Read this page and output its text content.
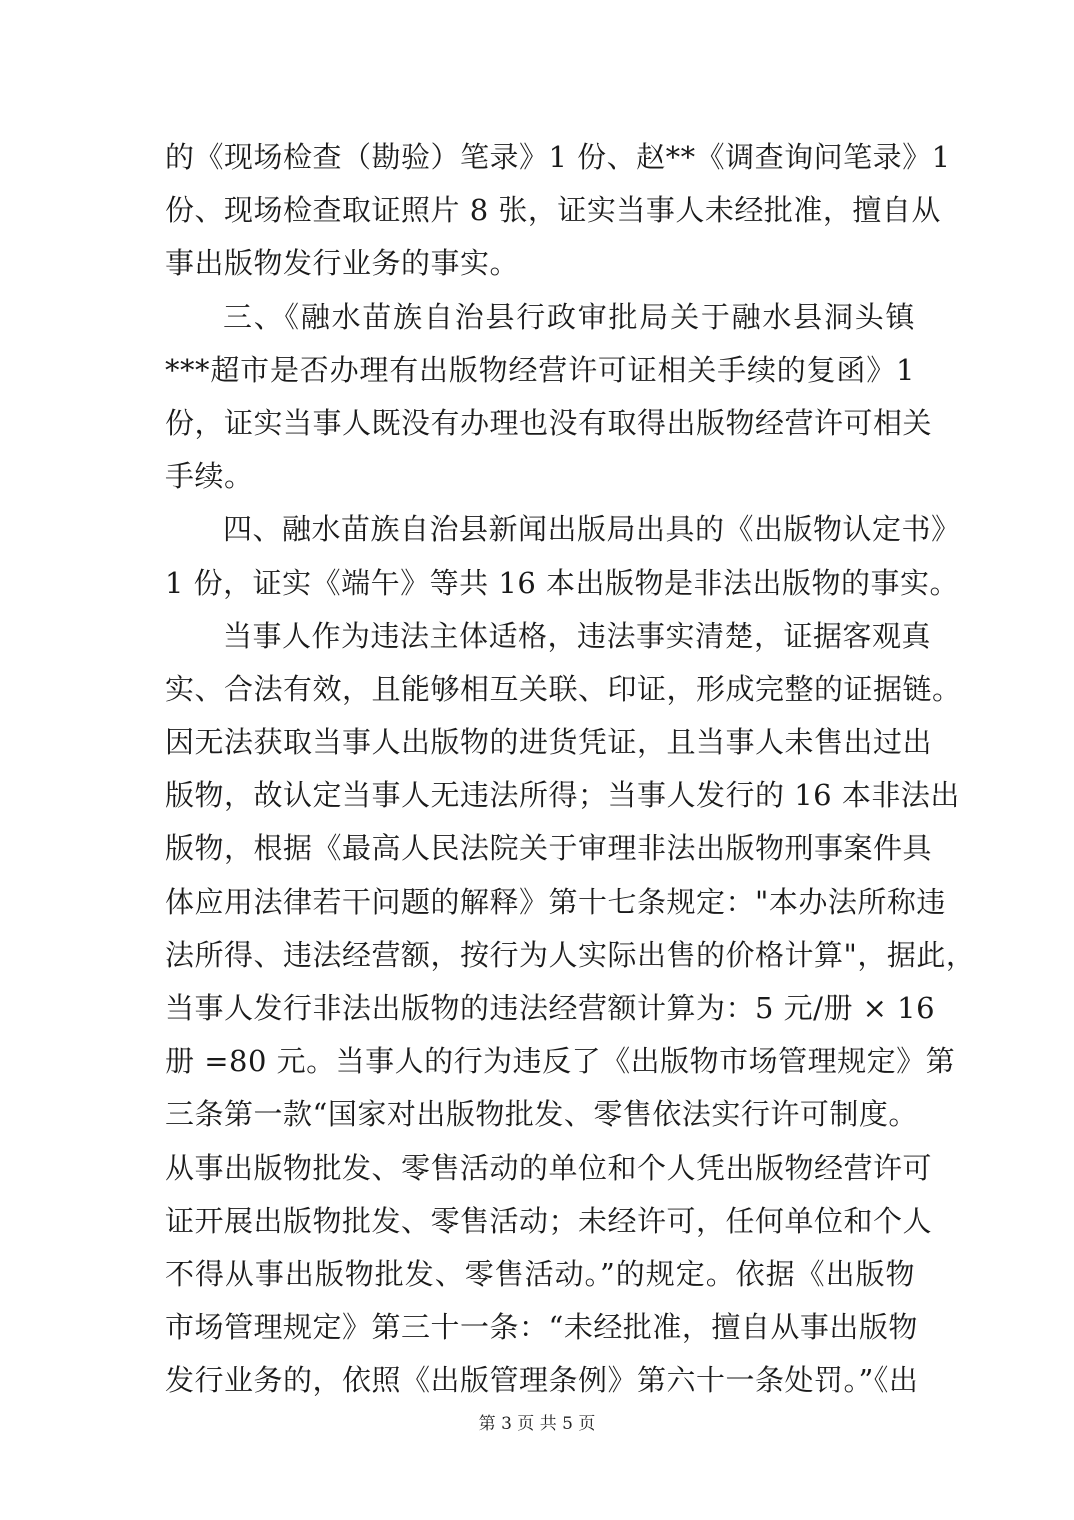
的《现场检查（勘验）笔录》1 份、赵**《调查询问笔录》1
份、现场检查取证照片 8 张，证实当事人未经批准，擅自从
事出版物发行业务的事实。
三、《融水苗族自治县行政审批局关于融水县洞头镇
***超市是否办理有出版物经营许可证相关手续的复函》1
份，证实当事人既没有办理也没有取得出版物经营许可相关
手续。
四、融水苗族自治县新闻出版局出具的《出版物认定书》
1 份，证实《端午》等共 16 本出版物是非法出版物的事实。
当事人作为违法主体适格，违法事实清楚，证据客观真
实、合法有效，且能够相互关联、印证，形成完整的证据链。
因无法获取当事人出版物的进货凭证，且当事人未售出过出
版物，故认定当事人无违法所得；当事人发行的 16 本非法出
版物，根据《最高人民法院关于审理非法出版物刑事案件具
体应用法律若干问题的解释》第十七条规定："本办法所称违
法所得、违法经营额，按行为人实际出售的价格计算"，据此，
当事人发行非法出版物的违法经营额计算为：5 元/册 × 16
册 =80 元。当事人的行为违反了《出版物市场管理规定》第
三条第一款“国家对出版物批发、零售依法实行许可制度。
从事出版物批发、零售活动的单位和个人凭出版物经营许可
证开展出版物批发、零售活动；未经许可，任何单位和个人
不得从事出版物批发、零售活动。”的规定。依据《出版物
市场管理规定》第三十一条：“未经批准，擅自从事出版物
发行业务的，依照《出版管理条例》第六十一条处罚。”《出
第 3 页 共 5 页
